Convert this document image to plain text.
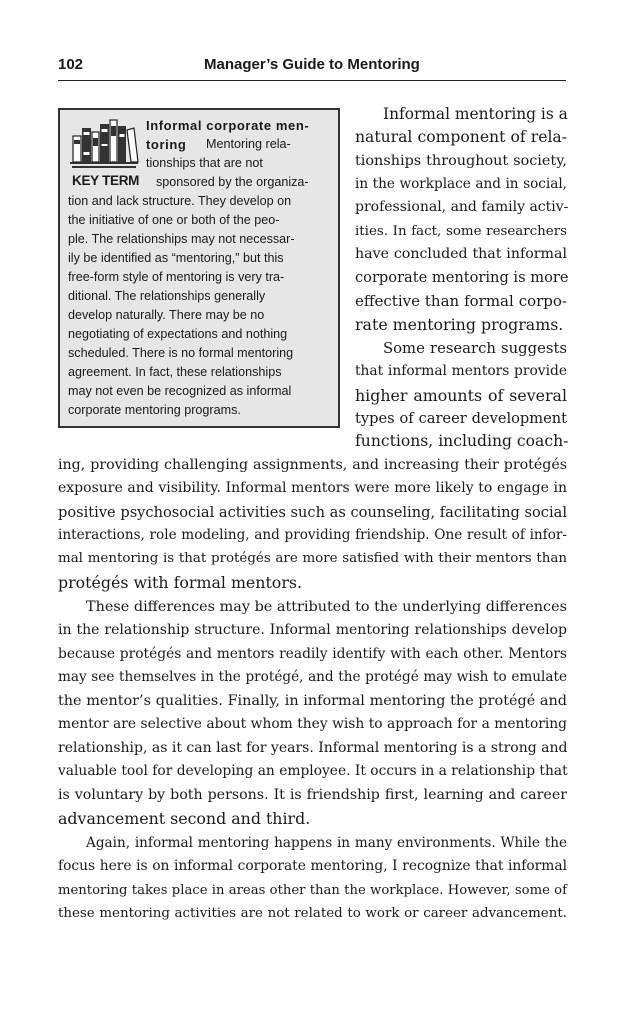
102	Manager’s Guide to Mentoring
KEY TERM
Informal corporate men-
toring Mentoring rela-
tionships that are not
sponsored by the organiza-
tion and lack structure. They develop on
the initiative of one or both of the peo-
ple. The relationships may not necessar-
ily be identified as “mentoring,” but this
free-form style of mentoring is very tra-
ditional. The relationships generally
develop naturally. There may be no
negotiating of expectations and nothing
scheduled. There is no formal mentoring
agreement. In fact, these relationships
may not even be recognized as informal
corporate mentoring programs.
Informal mentoring is a
natural component of rela-
tionships throughout society,
in the workplace and in social,
professional, and family activ-
ities. In fact, some researchers
have concluded that informal
corporate mentoring is more
effective than formal corpo-
rate mentoring programs.
Some research suggests
that informal mentors provide
higher amounts of several
types of career development
functions, including coach-
ing, providing challenging assignments, and increasing their protégés
exposure and visibility. Informal mentors were more likely to engage in
positive psychosocial activities such as counseling, facilitating social
interactions, role modeling, and providing friendship. One result of infor-
mal mentoring is that protégés are more satisfied with their mentors than
protégés with formal mentors.
These differences may be attributed to the underlying differences
in the relationship structure. Informal mentoring relationships develop
because protégés and mentors readily identify with each other. Mentors
may see themselves in the protégé, and the protégé may wish to emulate
the mentor’s qualities. Finally, in informal mentoring the protégé and
mentor are selective about whom they wish to approach for a mentoring
relationship, as it can last for years. Informal mentoring is a strong and
valuable tool for developing an employee. It occurs in a relationship that
is voluntary by both persons. It is friendship first, learning and career
advancement second and third.
Again, informal mentoring happens in many environments. While the
focus here is on informal corporate mentoring, I recognize that informal
mentoring takes place in areas other than the workplace. However, some of
these mentoring activities are not related to work or career advancement.
